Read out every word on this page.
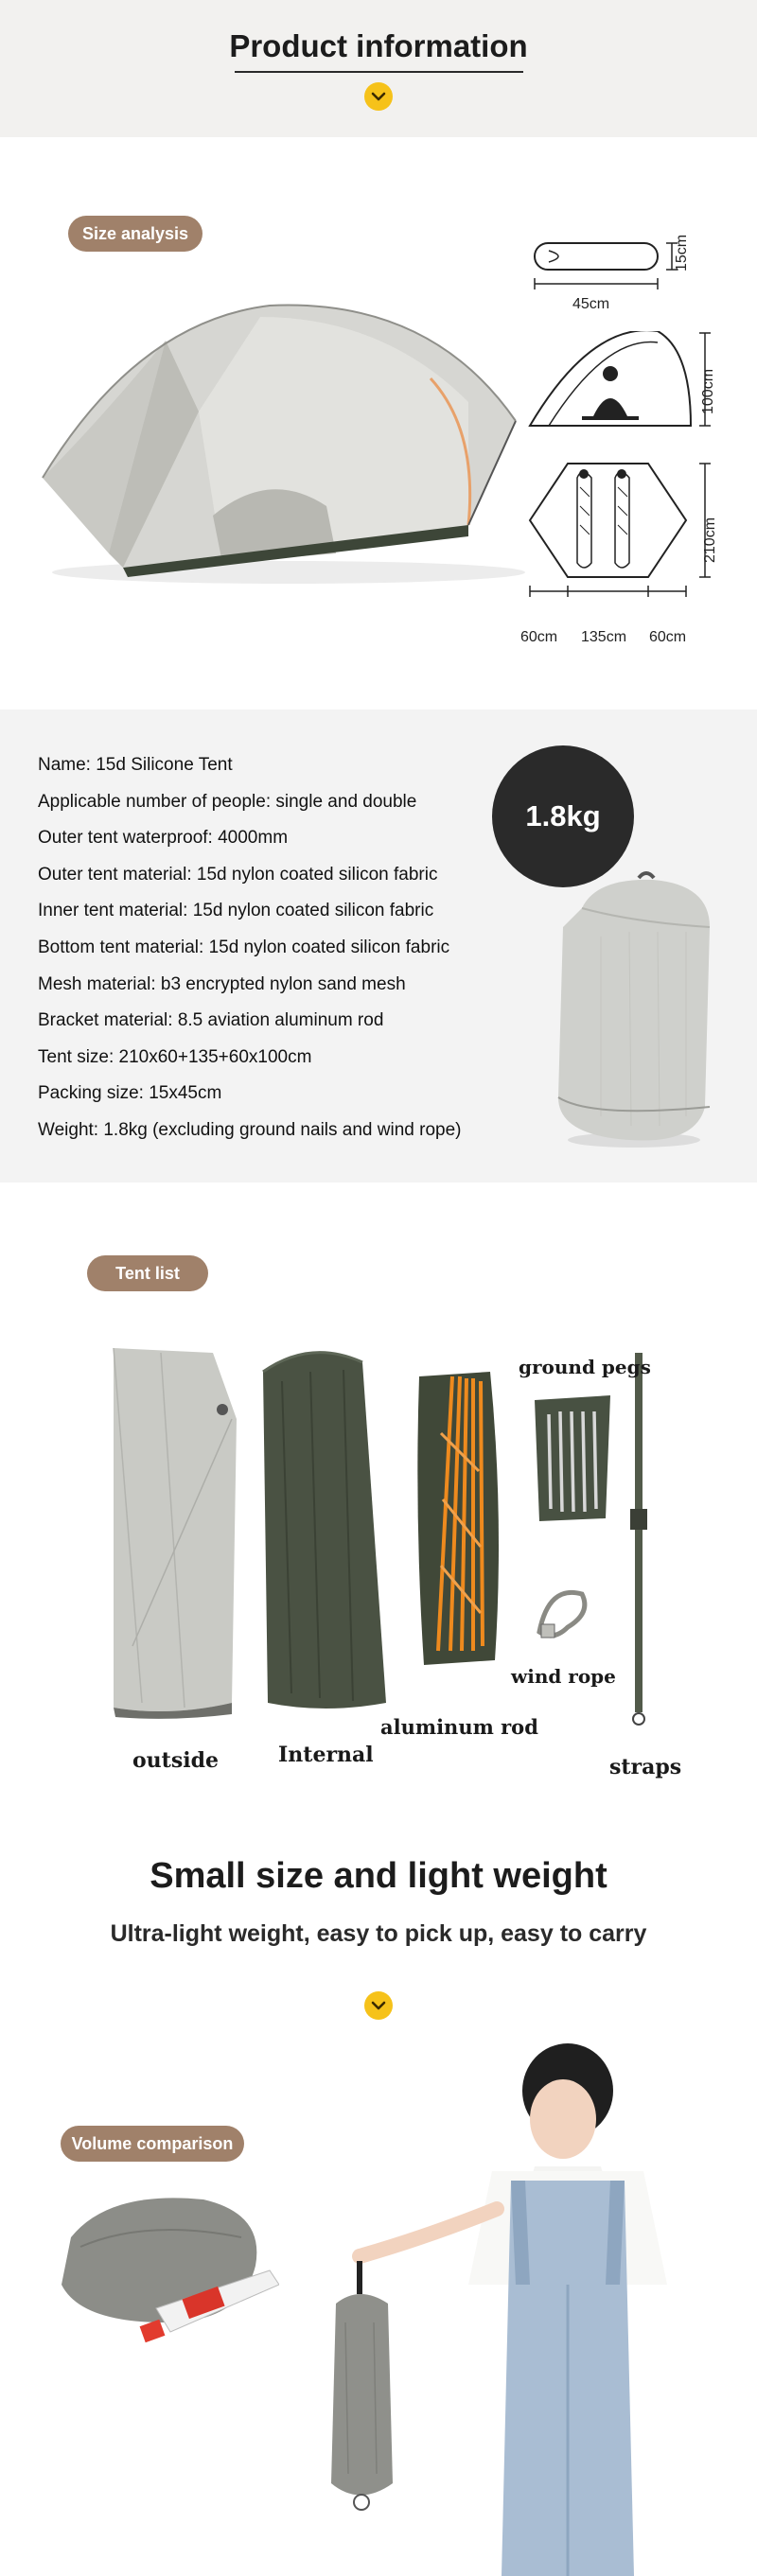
Product information
Size analysis
45cm
15cm
100cm
210cm
60cm 135cm 60cm
Name: 15d Silicone Tent
Applicable number of people: single and double
Outer tent waterproof: 4000mm
Outer tent material: 15d nylon coated silicon fabric
Inner tent material: 15d nylon coated silicon fabric
Bottom tent material: 15d nylon coated silicon fabric
Mesh material: b3 encrypted nylon sand mesh
Bracket material: 8.5 aviation aluminum rod
Tent size: 210x60+135+60x100cm
Packing size: 15x45cm
Weight: 1.8kg (excluding ground nails and wind rope)
1.8kg
Tent list
ground pegs
wind rope
aluminum rod
outside	Internal	straps
Small size and light weight

Ultra-light weight, easy to pick up, easy to carry

Volume comparison
